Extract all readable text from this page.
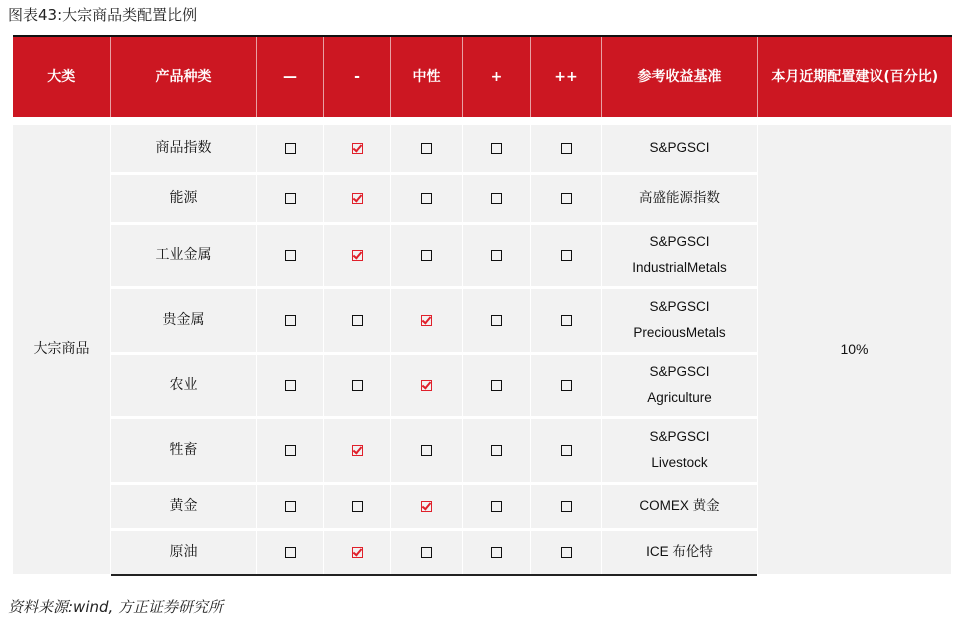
图表43:大宗商品类配置比例
大类	产品种类	—	-	中性	+	++	参考收益基准	本月近期配置建议(百分比)

大宗商品	商品指数						S&PGSCI	10%
	能源						高盛能源指数	

	工业金属						S&PGSCI
IndustrialMetals	

	贵金属						S&PGSCI
PreciousMetals	

	农业						S&PGSCI
Agriculture	

	牲畜						S&PGSCI
Livestock	

	黄金						COMEX 黄金	

	原油						ICE 布伦特	
资料来源:wind, 方正证券研究所
